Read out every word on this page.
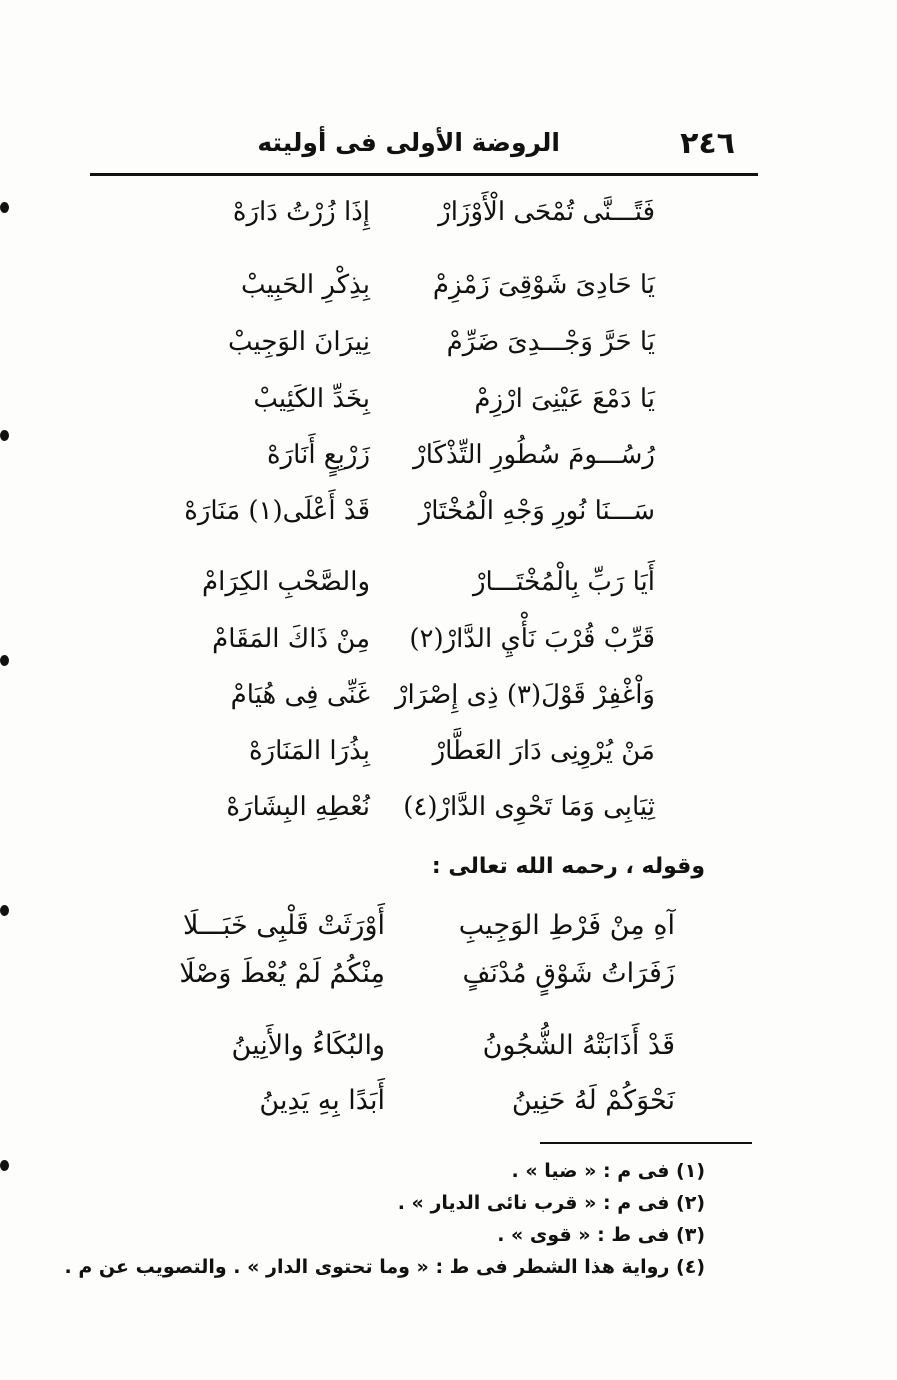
٢٤٦
الروضة الأولى فى أوليته
فَتًـــنَّى تُمْحَى الْأَوْزَارْ
إِذَا زُرْتُ دَارَهْ
يَا حَادِىَ شَوْقِىَ زَمْزِمْ
بِذِكْرِ الحَبِيبْ
يَا حَرَّ وَجْـــدِىَ ضَرِّمْ
نِيرَانَ الوَجِيبْ
يَا دَمْعَ عَيْنِىَ ارْزِمْ
بِخَدِّ الكَئِيبْ
رُسُـــومَ سُطُورِ التِّذْكَارْ
زَرْبِعٍ أَنَارَهْ
سَـــنَا نُورِ وَجْهِ الْمُخْتَارْ
قَدْ أَعْلَى(١) مَنَارَهْ
أَيَا رَبِّ بِالْمُخْتَـــارْ
والصَّحْبِ الكِرَامْ
قَرِّبْ قُرْبَ نَأْيِ الدَّارْ(٢)
مِنْ ذَاكَ المَقَامْ
وَاْغْفِرْ قَوْلَ(٣) ذِى إِصْرَارْ
غَنِّى فِى هُيَامْ
مَنْ يُرْوِنِى دَارَ العَطَّارْ
بِذُرَا المَنَارَهْ
ثِيَابِى وَمَا تَحْوِى الدَّارْ(٤)
نُعْطِهِ البِشَارَهْ
وقوله ، رحمه الله تعالى :
آهِ مِنْ فَرْطِ الوَجِيبِ
أَوْرَثَتْ قَلْبِى خَبَـــلَا
زَفَرَاتُ شَوْقٍ مُدْنَفٍ
مِنْكُمُ لَمْ يُعْطَ وَصْلَا
قَدْ أَذَابَتْهُ الشُّجُونُ
والبُكَاءُ والأَنِينُ
نَحْوَكُمْ لَهُ حَنِينُ
أَبَدًا بِهِ يَدِينُ
(١) فى م : « ضيا » .
(٢) فى م : « قرب نائى الديار » .
(٣) فى ط : « قوى » .
(٤) رواية هذا الشطر فى ط : « وما تحتوى الدار » . والتصويب عن م .
